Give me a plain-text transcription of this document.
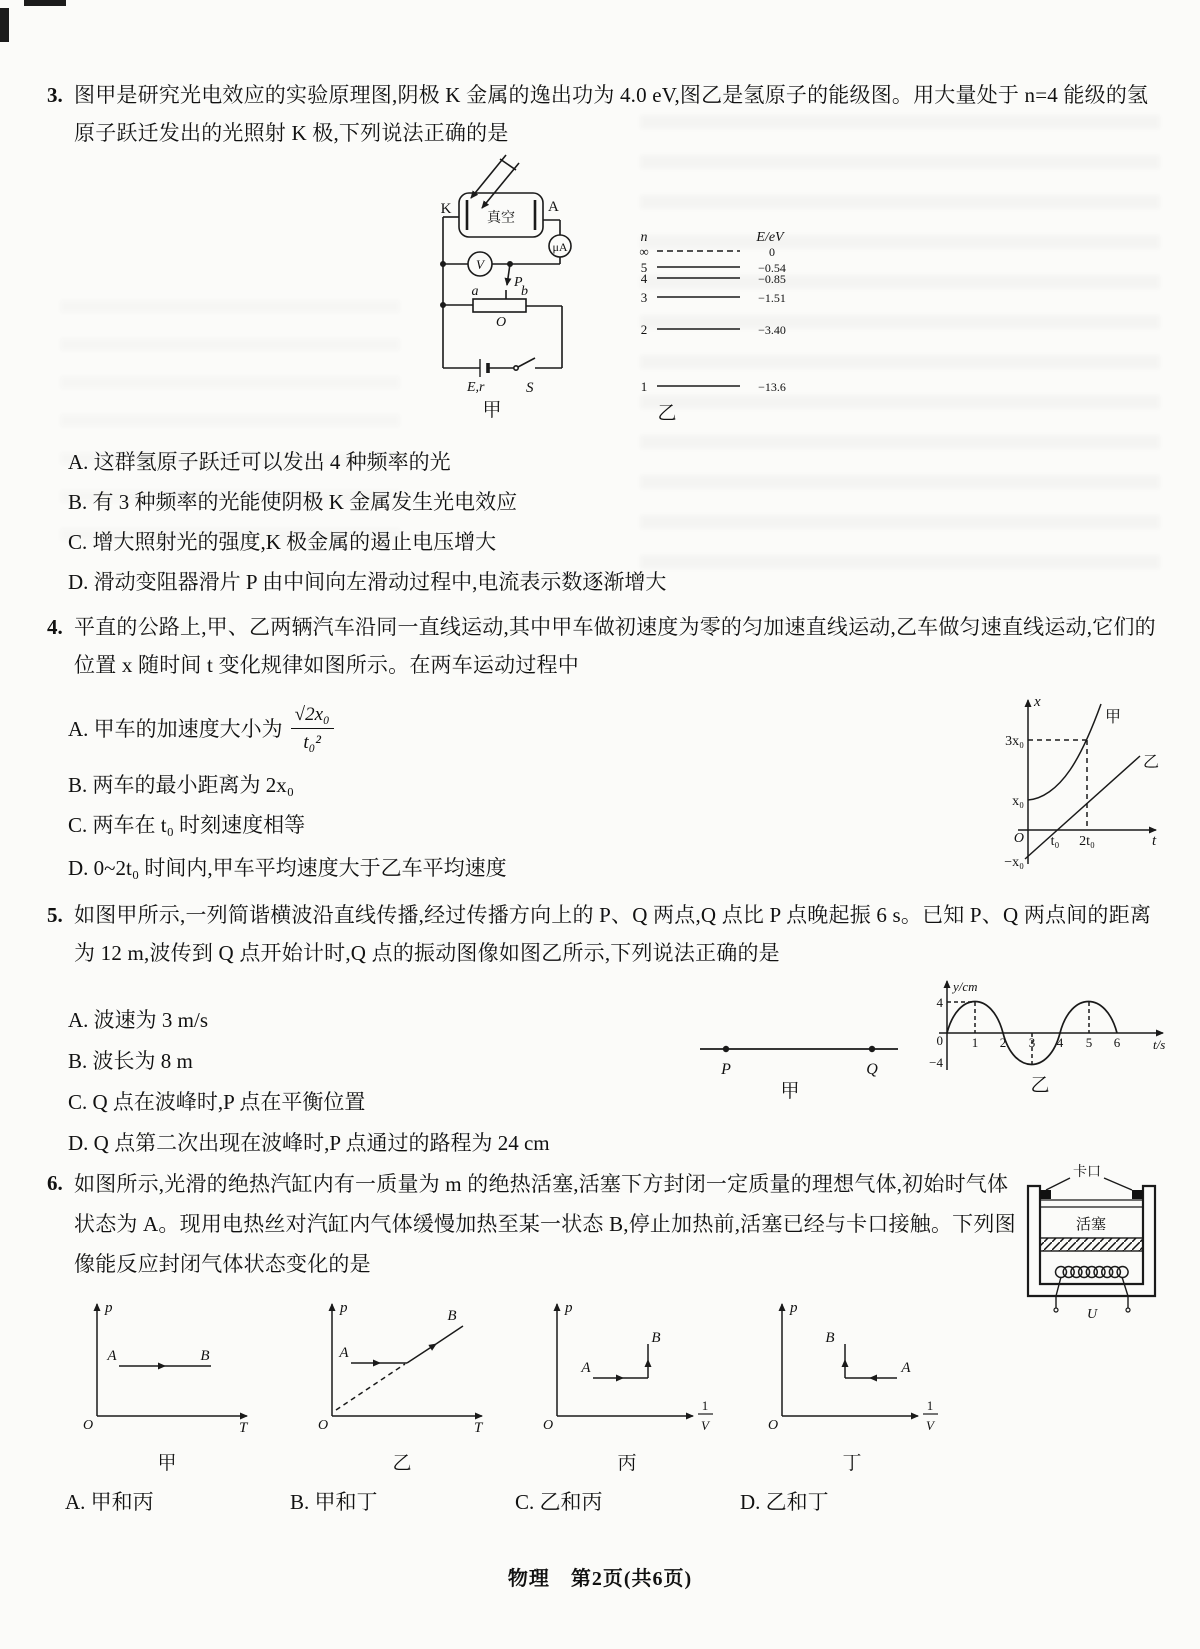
3. 图甲是研究光电效应的实验原理图,阴极 K 金属的逸出功为 4.0 eV,图乙是氢原子的能级图。用大量处于 n=4 能级的氢原子跃迁发出的光照射 K 极,下列说法正确的是
K	A
真空
μA
V
a
P
b
O
E,r	S
甲
n	E/eV
∞	0
5	−0.54
4	−0.85
3	−1.51
2	−3.40
1	−13.6
乙
A. 这群氢原子跃迁可以发出 4 种频率的光
B. 有 3 种频率的光能使阴极 K 金属发生光电效应
C. 增大照射光的强度,K 极金属的遏止电压增大
D. 滑动变阻器滑片 P 由中间向左滑动过程中,电流表示数逐渐增大
4. 平直的公路上,甲、乙两辆汽车沿同一直线运动,其中甲车做初速度为零的匀加速直线运动,乙车做匀速直线运动,它们的位置 x 随时间 t 变化规律如图所示。在两车运动过程中
A. 甲车的加速度大小为 $\frac{\text{√2x₀}}{\text{t₀²}}$
B. 两车的最小距离为 2x₀
C. 两车在 t₀ 时刻速度相等
D. 0~2t₀ 时间内,甲车平均速度大于乙车平均速度
x
t
O
3x₀
x₀
−x₀
t₀ 2t₀
甲
乙
5. 如图甲所示,一列简谐横波沿直线传播,经过传播方向上的 P、Q 两点,Q 点比 P 点晚起振 6 s。已知 P、Q 两点间的距离为 12 m,波传到 Q 点开始计时,Q 点的振动图像如图乙所示,下列说法正确的是
A. 波速为 3 m/s
B. 波长为 8 m
C. Q 点在波峰时,P 点在平衡位置
D. Q 点第二次出现在波峰时,P 点通过的路程为 24 cm
P	Q
甲
y/cm
t/s
4
0
−4
1 2 3 4 5 6
乙
6. 如图所示,光滑的绝热汽缸内有一质量为 m 的绝热活塞,活塞下方封闭一定质量的理想气体,初始时气体状态为 A。现用电热丝对汽缸内气体缓慢加热至某一状态 B,停止加热前,活塞已经与卡口接触。下列图像能反应封闭气体状态变化的是
卡口
活塞
U
p
T
O
A	B
p
T
O
A
B	p
1
V
O
A
B
p
1
V
O
A
B
甲	乙	丙	丁
A. 甲和丙	B. 甲和丁	C. 乙和丙	D. 乙和丁
物理　第2页(共6页)
